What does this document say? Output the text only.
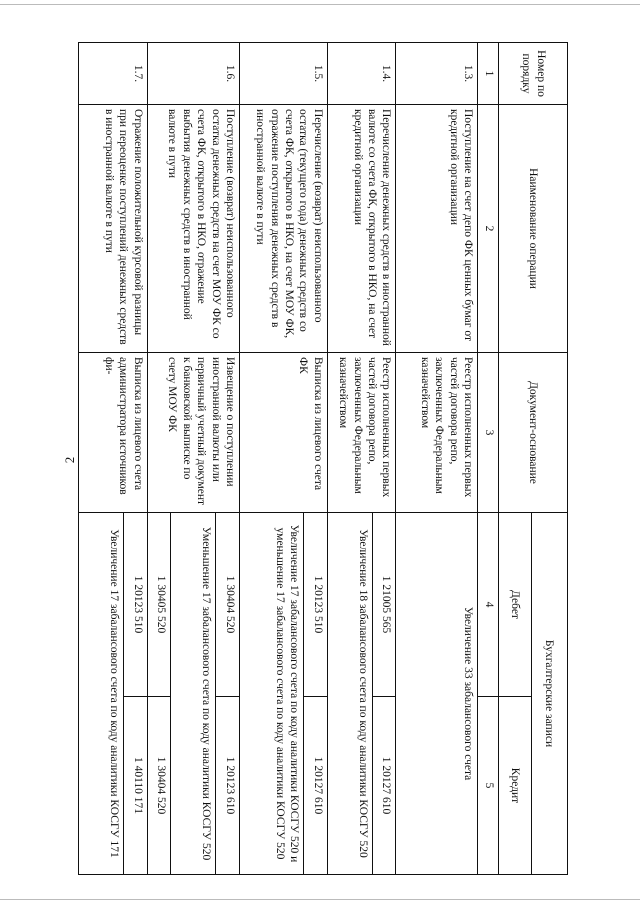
2
Номер по порядку	Наименование операции	Документ-основание	Бухгалтерские записи	
			Дебет	Кредит
1	2	3	4	5
1.3.	Поступление на счет депо ФК ценных бумаг от кредитной организации	Реестр исполненных первых частей договора репо, заключенных Федеральным казначейством	Увеличение 33 забалансового счета	
1.4.	Перечисление денежных средств в иностранной валюте со счета ФК, открытого в НКО, на счет кредитной организации	Реестр исполненных первых частей договора репо, заключенных Федеральным казначейством	1 21005 565	1 20127 610
			Увеличение 18 забалансового счета по коду аналитики КОСГУ 520	
1.5.	Перечисление (возврат) неиспользованного остатка (текущего года) денежных средств со счета ФК, открытого в НКО, на счет МОУ ФК, отражение поступления денежных средств в иностранной валюте в пути	Выписка из лицевого счета ФК	1 20123 510	1 20127 610
			Увеличение 17 забалансового счета по коду аналитики КОСГУ 520 и уменьшение 17 забалансового счета по коду аналитики КОСГУ 520	
1.6.	Поступление (возврат) неиспользованного остатка денежных средств на счет МОУ ФК со счета ФК, открытого в НКО, отражение выбытия денежных средств в иностранной валюте в пути	Извещение о поступлении иностранной валюты или первичный учетный документ к банковской выписке по счету МОУ ФК	1 30404 520	1 20123 610
			Уменьшение 17 забалансового счета по коду аналитики КОСГУ 520	
			1 30405 520	1 30404 520
1.7.	Отражение положительной курсовой разницы при переоценке поступлений денежных средств в иностранной валюте в пути	Выписка из лицевого счета администратора источников фи-	1 20123 510	1 40110 171
			Увеличение 17 забалансового счета по коду аналитики КОСГУ 171	
